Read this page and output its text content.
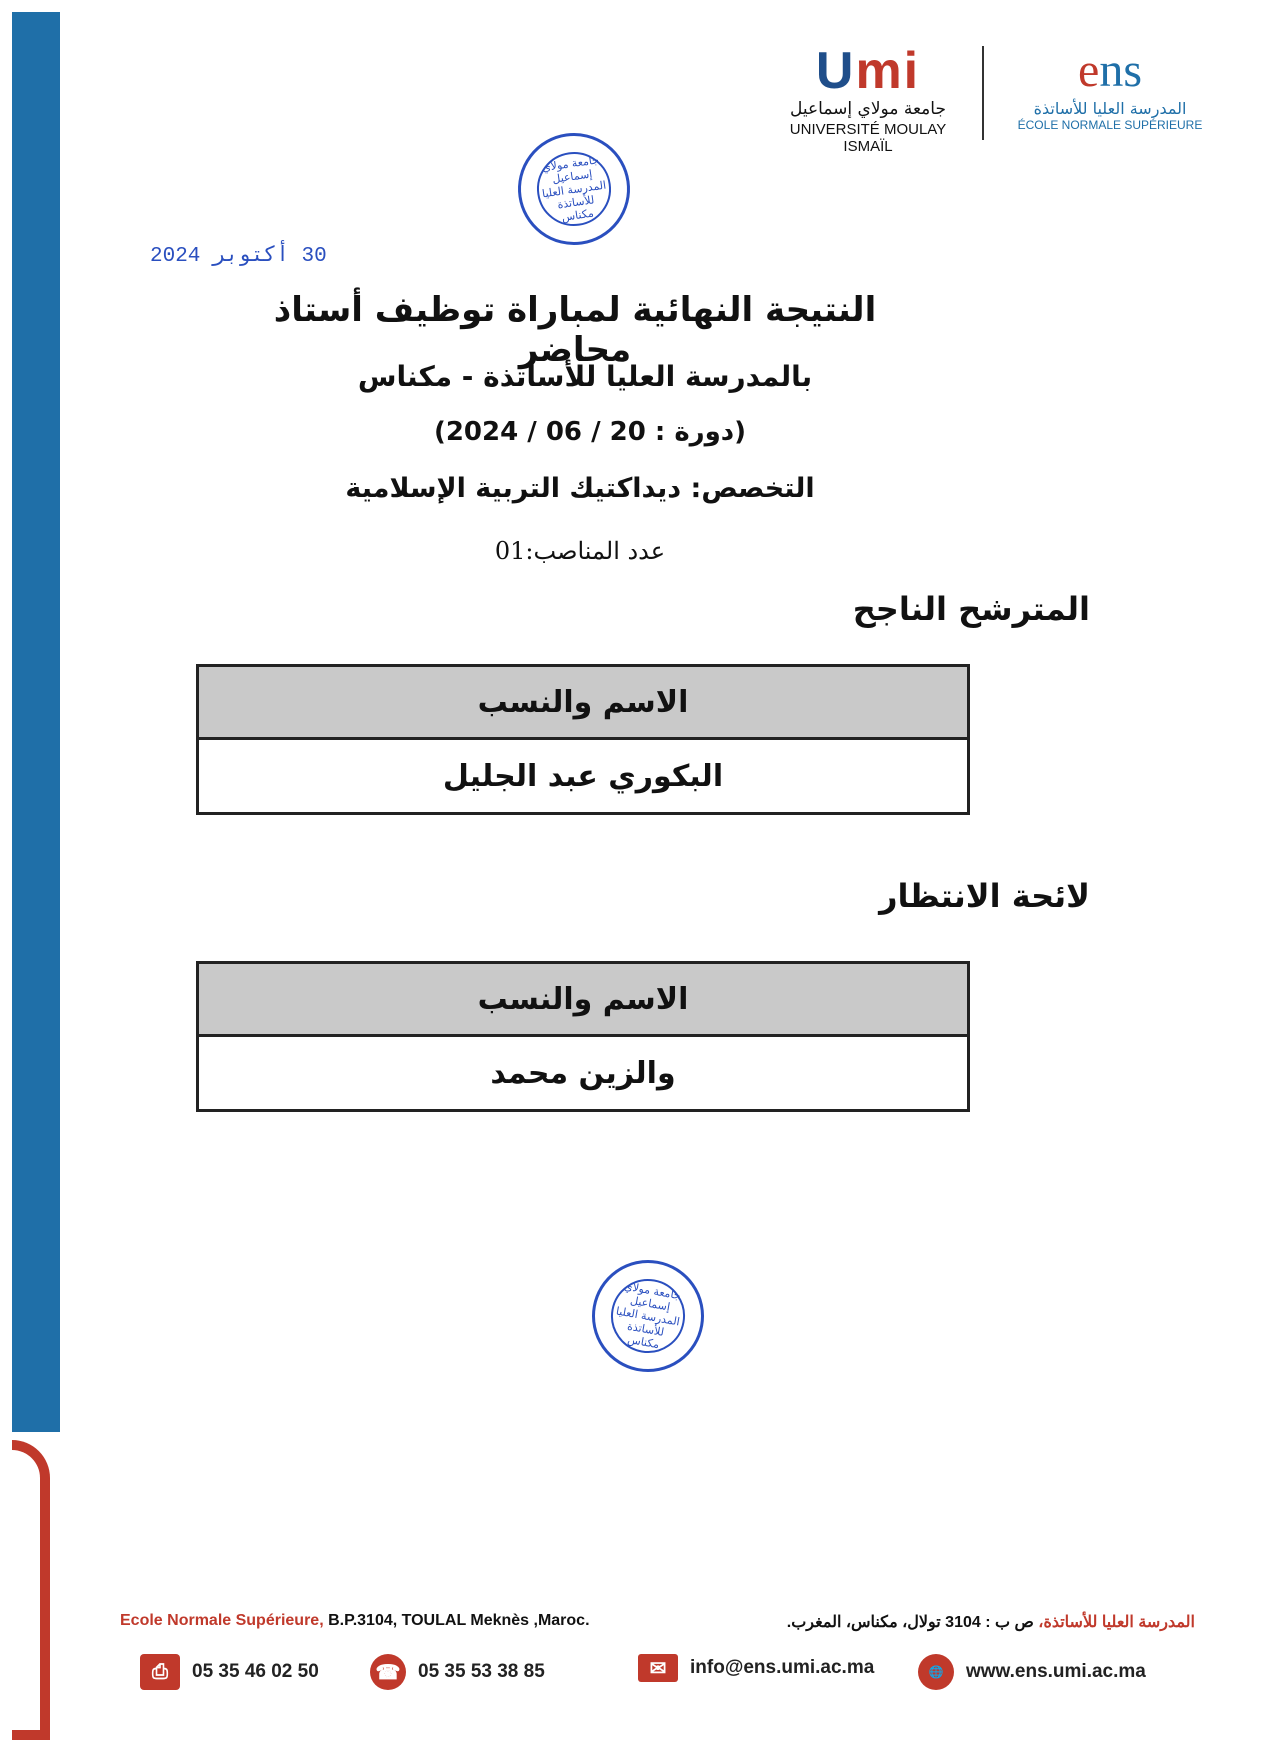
Umi
جامعة مولاي إسماعيل
UNIVERSITÉ MOULAY ISMAÏL
ens
المدرسة العليا للأساتذة
ÉCOLE NORMALE SUPÉRIEURE
جامعة مولاي إسماعيل المدرسة العليا للأساتذة مكناس
30 أكتوبر 2024
النتيجة النهائية لمباراة توظيف أستاذ محاضر
بالمدرسة العليا للأساتذة - مكناس
(دورة : 20 / 06 / 2024)
التخصص: ديداكتيك التربية الإسلامية
عدد المناصب:01
المترشح الناجح
الاسم والنسب
البكوري عبد الجليل
لائحة الانتظار
الاسم والنسب
والزين محمد
جامعة مولاي إسماعيل المدرسة العليا للأساتذة مكناس
Ecole Normale Supérieure, B.P.3104, TOULAL Meknès ,Maroc.	المدرسة العليا للأساتذة، ص ب : 3104 تولال، مكناس، المغرب.
⎙	05 35 46 02 50	☎ 05 35 53 38 85	✉	info@ens.umi.ac.ma	🌐	www.ens.umi.ac.ma
